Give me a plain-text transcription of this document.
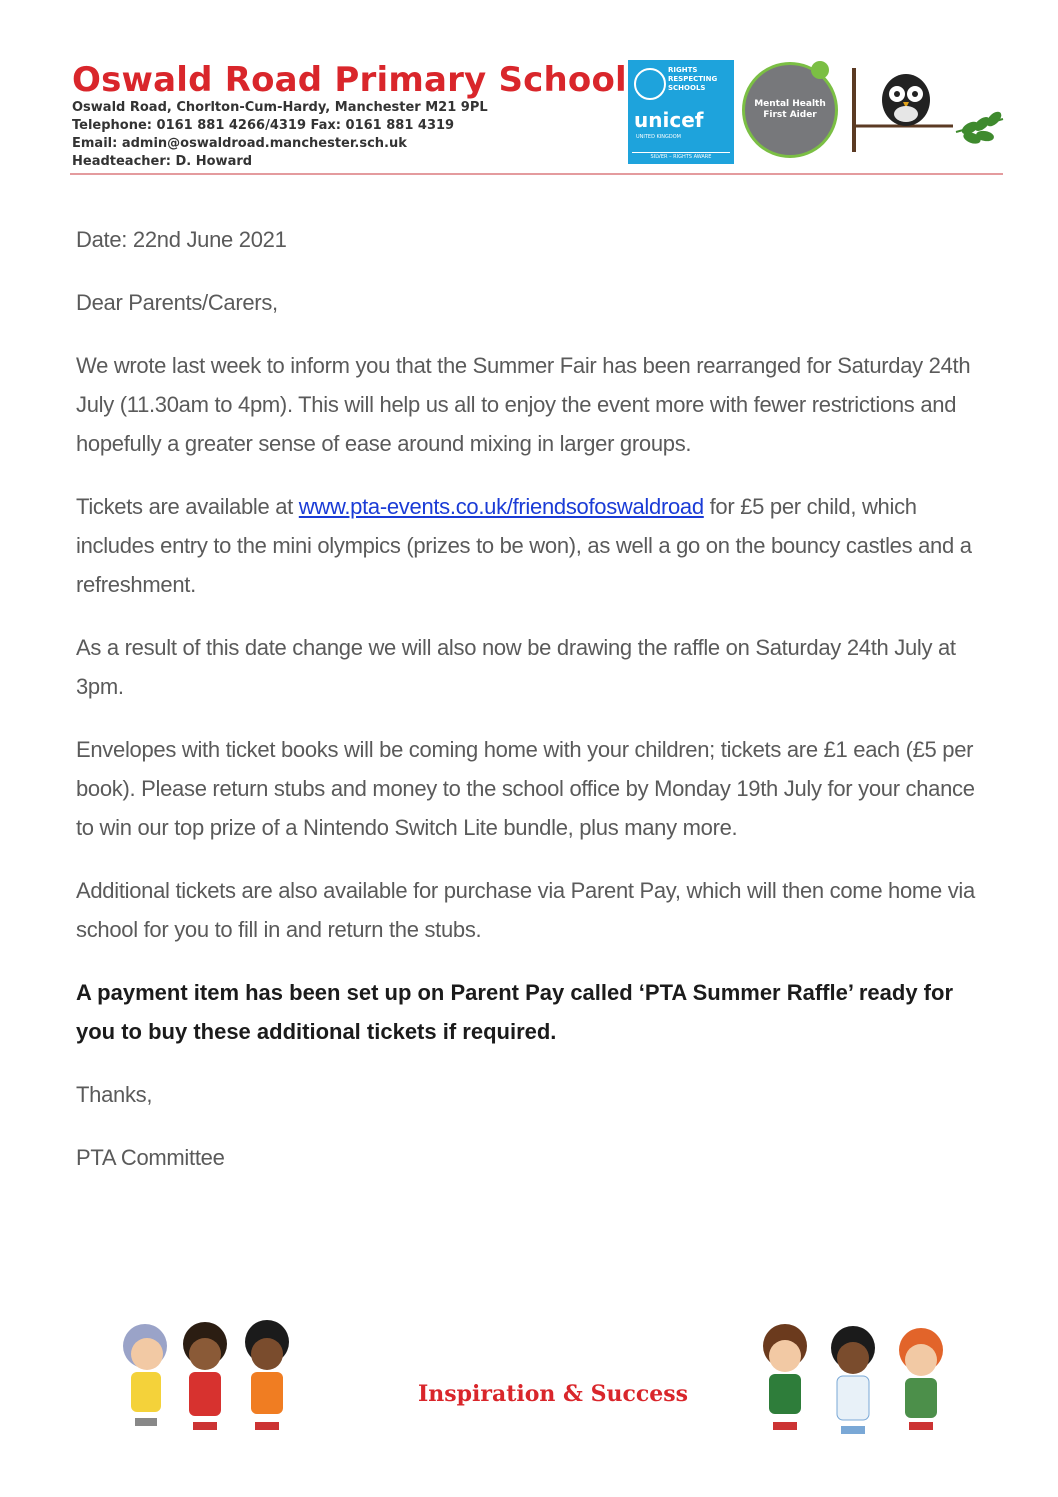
Oswald Road Primary School
Oswald Road, Chorlton-Cum-Hardy, Manchester M21 9PL
Telephone: 0161 881 4266/4319 Fax: 0161 881 4319
Email: admin@oswaldroad.manchester.sch.uk
Headteacher: D. Howard
RIGHTS RESPECTING SCHOOLS
unicef
UNITED KINGDOM
SILVER – RIGHTS AWARE
Mental Health First Aider

Date: 22nd June 2021

Dear Parents/Carers,

We wrote last week to inform you that the Summer Fair has been rearranged for Saturday 24th July (11.30am to 4pm). This will help us all to enjoy the event more with fewer restrictions and hopefully a greater sense of ease around mixing in larger groups.

Tickets are available at www.pta-events.co.uk/friendsofoswaldroad for £5 per child, which includes entry to the mini olympics (prizes to be won), as well a go on the bouncy castles and a refreshment.

As a result of this date change we will also now be drawing the raffle on Saturday 24th July at 3pm.

Envelopes with ticket books will be coming home with your children; tickets are £1 each (£5 per book). Please return stubs and money to the school office by Monday 19th July for your chance to win our top prize of a Nintendo Switch Lite bundle, plus many more.

Additional tickets are also available for purchase via Parent Pay, which will then come home via school for you to fill in and return the stubs.

A payment item has been set up on Parent Pay called ‘PTA Summer Raffle’ ready for you to buy these additional tickets if required.

Thanks,

PTA Committee

Inspiration & Success
